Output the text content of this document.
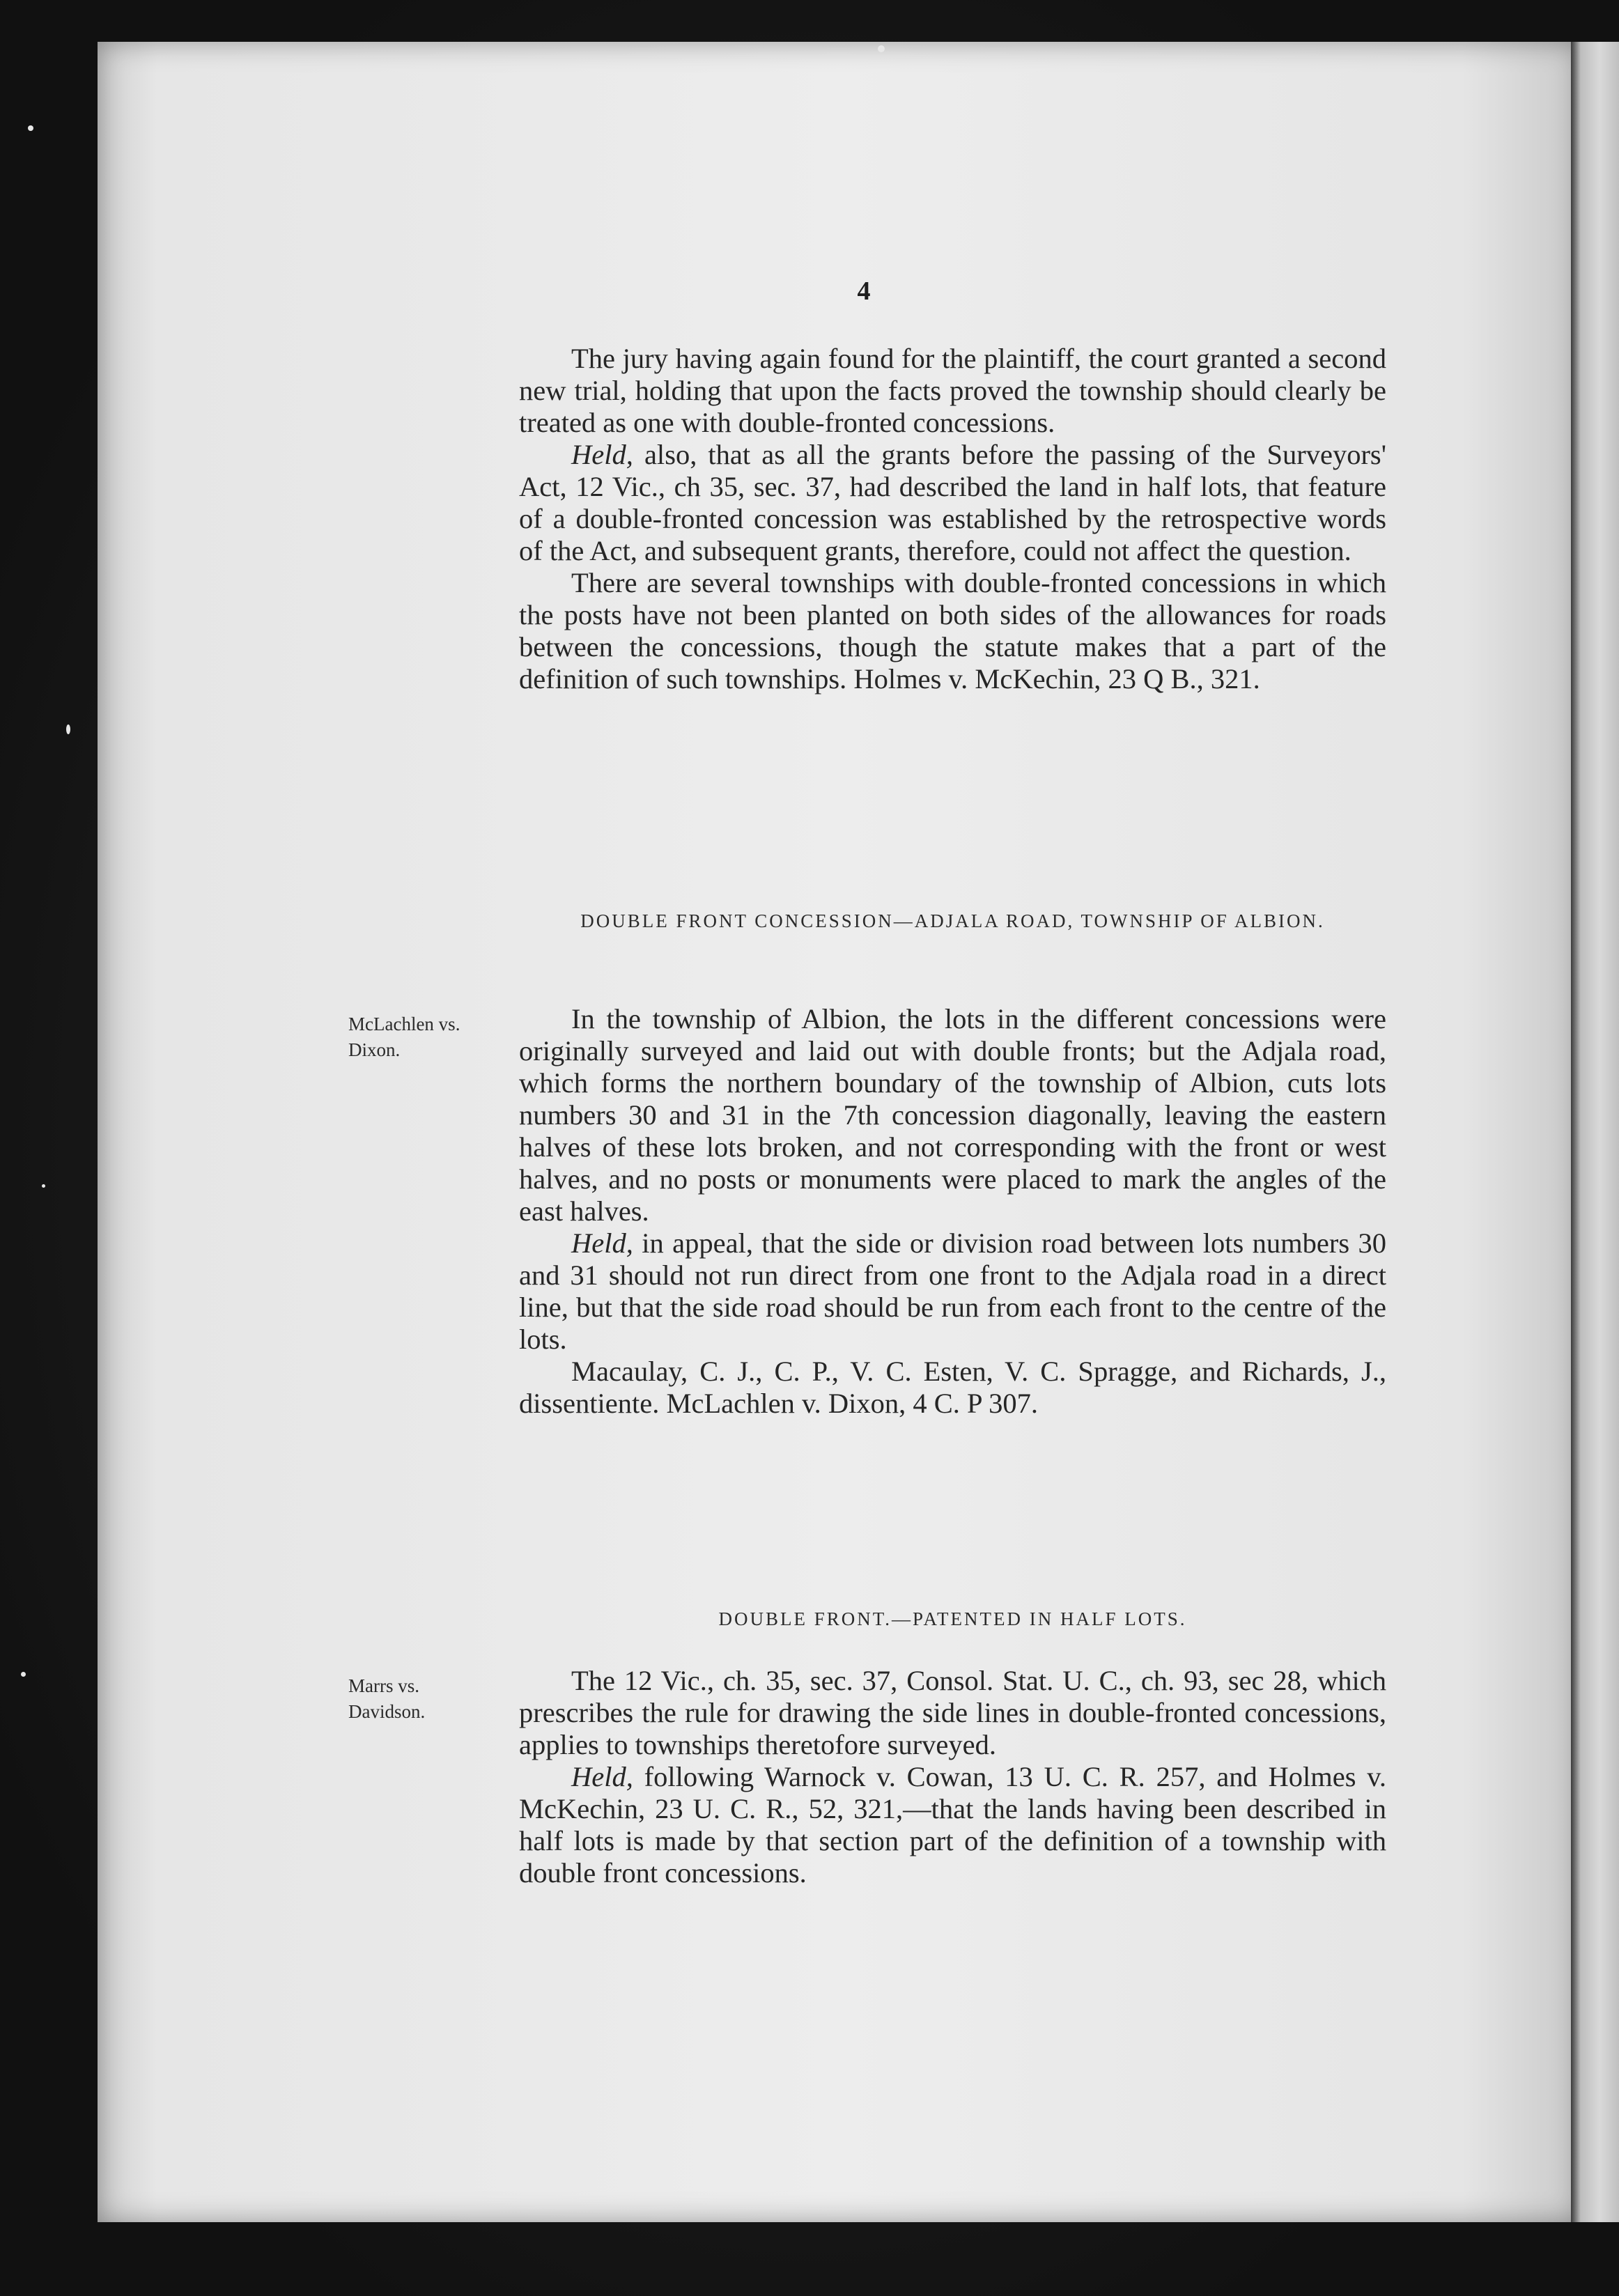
4

The jury having again found for the plaintiff, the court granted a second new trial, holding that upon the facts proved the township should clearly be treated as one with double-fronted concessions.

Held, also, that as all the grants before the passing of the Surveyors' Act, 12 Vic., ch 35, sec. 37, had described the land in half lots, that feature of a double-fronted concession was established by the retrospective words of the Act, and subsequent grants, therefore, could not affect the question.

There are several townships with double-fronted concessions in which the posts have not been planted on both sides of the allowances for roads between the concessions, though the statute makes that a part of the definition of such townships. Holmes v. McKechin, 23 Q B., 321.

DOUBLE FRONT CONCESSION—ADJALA ROAD, TOWNSHIP OF ALBION.
McLachlen vs.
Dixon.

In the township of Albion, the lots in the different concessions were originally surveyed and laid out with double fronts; but the Adjala road, which forms the northern boundary of the township of Albion, cuts lots numbers 30 and 31 in the 7th concession diagonally, leaving the eastern halves of these lots broken, and not corresponding with the front or west halves, and no posts or monuments were placed to mark the angles of the east halves.

Held, in appeal, that the side or division road between lots numbers 30 and 31 should not run direct from one front to the Adjala road in a direct line, but that the side road should be run from each front to the centre of the lots.

Macaulay, C. J., C. P., V. C. Esten, V. C. Spragge, and Richards, J., dissentiente. McLachlen v. Dixon, 4 C. P 307.

DOUBLE FRONT.—PATENTED IN HALF LOTS.
Marrs vs.
Davidson.

The 12 Vic., ch. 35, sec. 37, Consol. Stat. U. C., ch. 93, sec 28, which prescribes the rule for drawing the side lines in double-fronted concessions, applies to townships theretofore surveyed.

Held, following Warnock v. Cowan, 13 U. C. R. 257, and Holmes v. McKechin, 23 U. C. R., 52, 321,—that the lands having been described in half lots is made by that section part of the definition of a township with double front concessions.
